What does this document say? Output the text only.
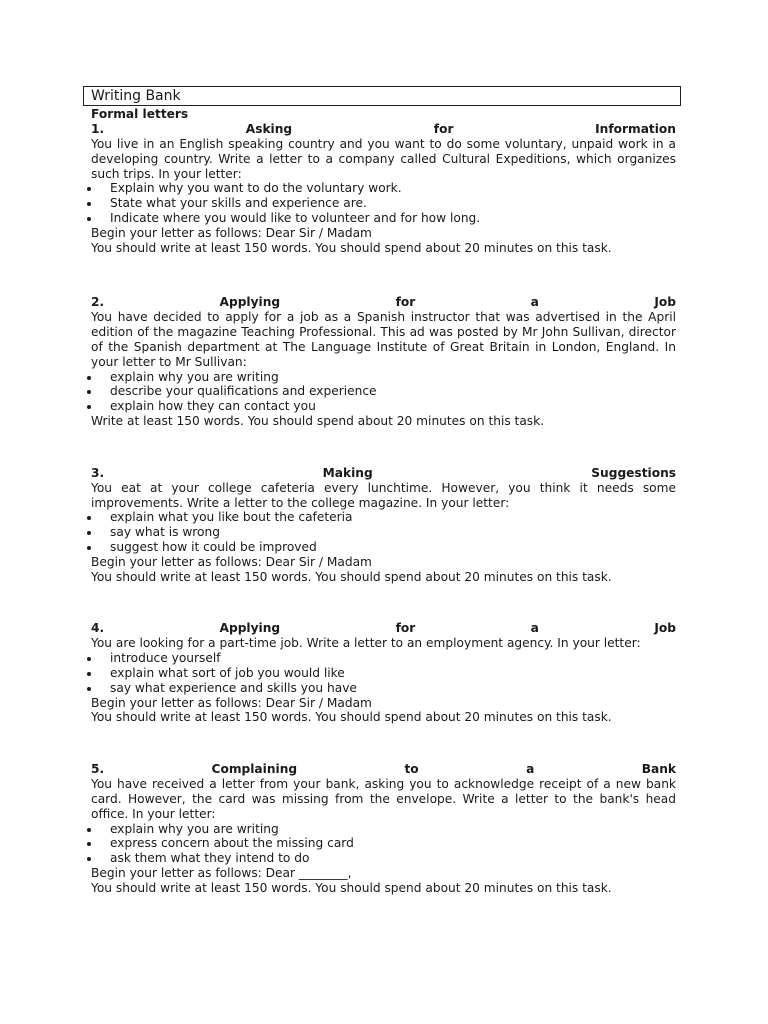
Writing Bank
Formal letters
1.	Asking	for	Information
You live in an English speaking country and you want to do some voluntary, unpaid work in a developing country. Write a letter to a company called Cultural Expeditions, which organizes such trips. In your letter:
Explain why you want to do the voluntary work.
State what your skills and experience are.
Indicate where you would like to volunteer and for how long.
Begin your letter as follows: Dear Sir / Madam
You should write at least 150 words. You should spend about 20 minutes on this task.
2.	Applying	for	a	Job
You have decided to apply for a job as a Spanish instructor that was advertised in the April edition of the magazine Teaching Professional. This ad was posted by Mr John Sullivan, director of the Spanish department at The Language Institute of Great Britain in London, England. In your letter to Mr Sullivan:
explain why you are writing
describe your qualifications and experience
explain how they can contact you
Write at least 150 words. You should spend about 20 minutes on this task.
3.	Making	Suggestions
You eat at your college cafeteria every lunchtime. However, you think it needs some improvements. Write a letter to the college magazine. In your letter:
explain what you like bout the cafeteria
say what is wrong
suggest how it could be improved
Begin your letter as follows: Dear Sir / Madam
You should write at least 150 words. You should spend about 20 minutes on this task.
4.	Applying	for	a	Job
You are looking for a part-time job. Write a letter to an employment agency. In your letter:
introduce yourself
explain what sort of job you would like
say what experience and skills you have
Begin your letter as follows: Dear Sir / Madam
You should write at least 150 words. You should spend about 20 minutes on this task.
5.	Complaining	to	a	Bank
You have received a letter from your bank, asking you to acknowledge receipt of a new bank card. However, the card was missing from the envelope. Write a letter to the bank's head office. In your letter:
explain why you are writing
express concern about the missing card
ask them what they intend to do
Begin your letter as follows: Dear ________,
You should write at least 150 words. You should spend about 20 minutes on this task.
